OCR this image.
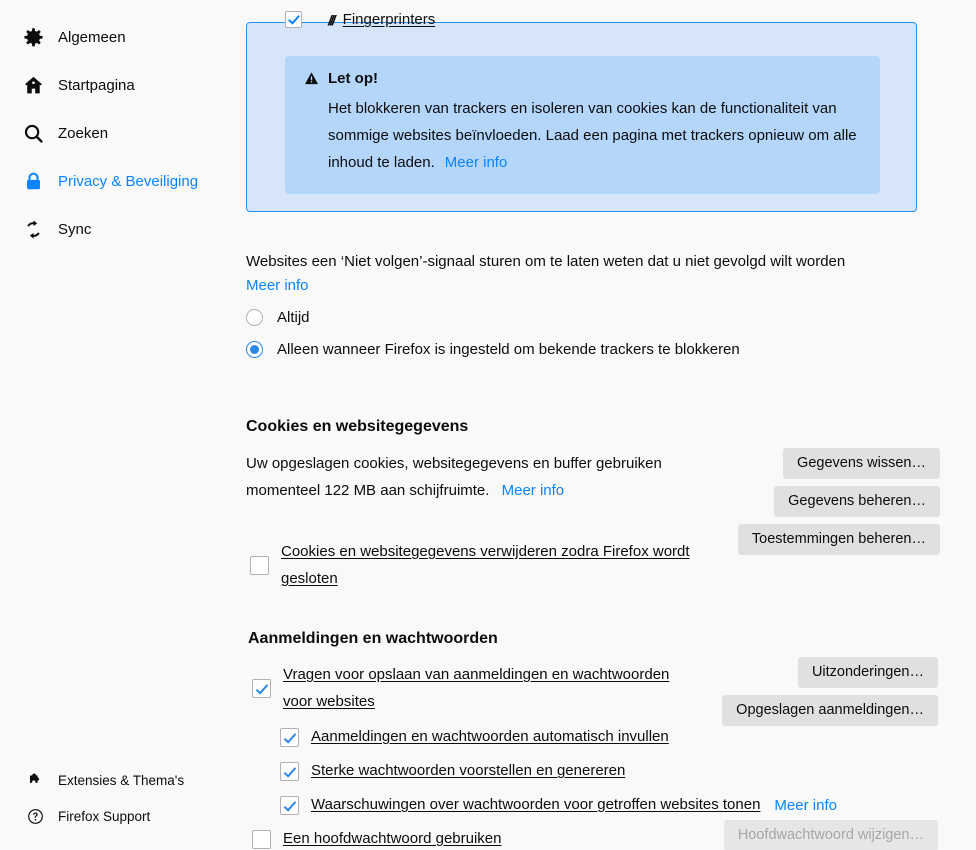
Algemeen
Startpagina
Zoeken
Privacy & Beveiliging
Sync
Extensies & Thema's
Firefox Support
/// Fingerprinters
Let op!
Het blokkeren van trackers en isoleren van cookies kan de functionaliteit van sommige websites beïnvloeden. Laad een pagina met trackers opnieuw om alle inhoud te laden. Meer info
Websites een ‘Niet volgen’-signaal sturen om te laten weten dat u niet gevolgd wilt worden
Meer info
Altijd
Alleen wanneer Firefox is ingesteld om bekende trackers te blokkeren
Cookies en websitegegevens
Uw opgeslagen cookies, websitegegevens en buffer gebruiken
momenteel 122 MB aan schijfruimte. Meer info
Cookies en websitegegevens verwijderen zodra Firefox wordt gesloten
Gegevens wissen…
Gegevens beheren…
Toestemmingen beheren…
Aanmeldingen en wachtwoorden
Vragen voor opslaan van aanmeldingen en wachtwoorden voor websites
Aanmeldingen en wachtwoorden automatisch invullen
Sterke wachtwoorden voorstellen en genereren
Waarschuwingen over wachtwoorden voor getroffen websites tonen Meer info
Een hoofdwachtwoord gebruiken
Uitzonderingen…
Opgeslagen aanmeldingen…
Hoofdwachtwoord wijzigen…
